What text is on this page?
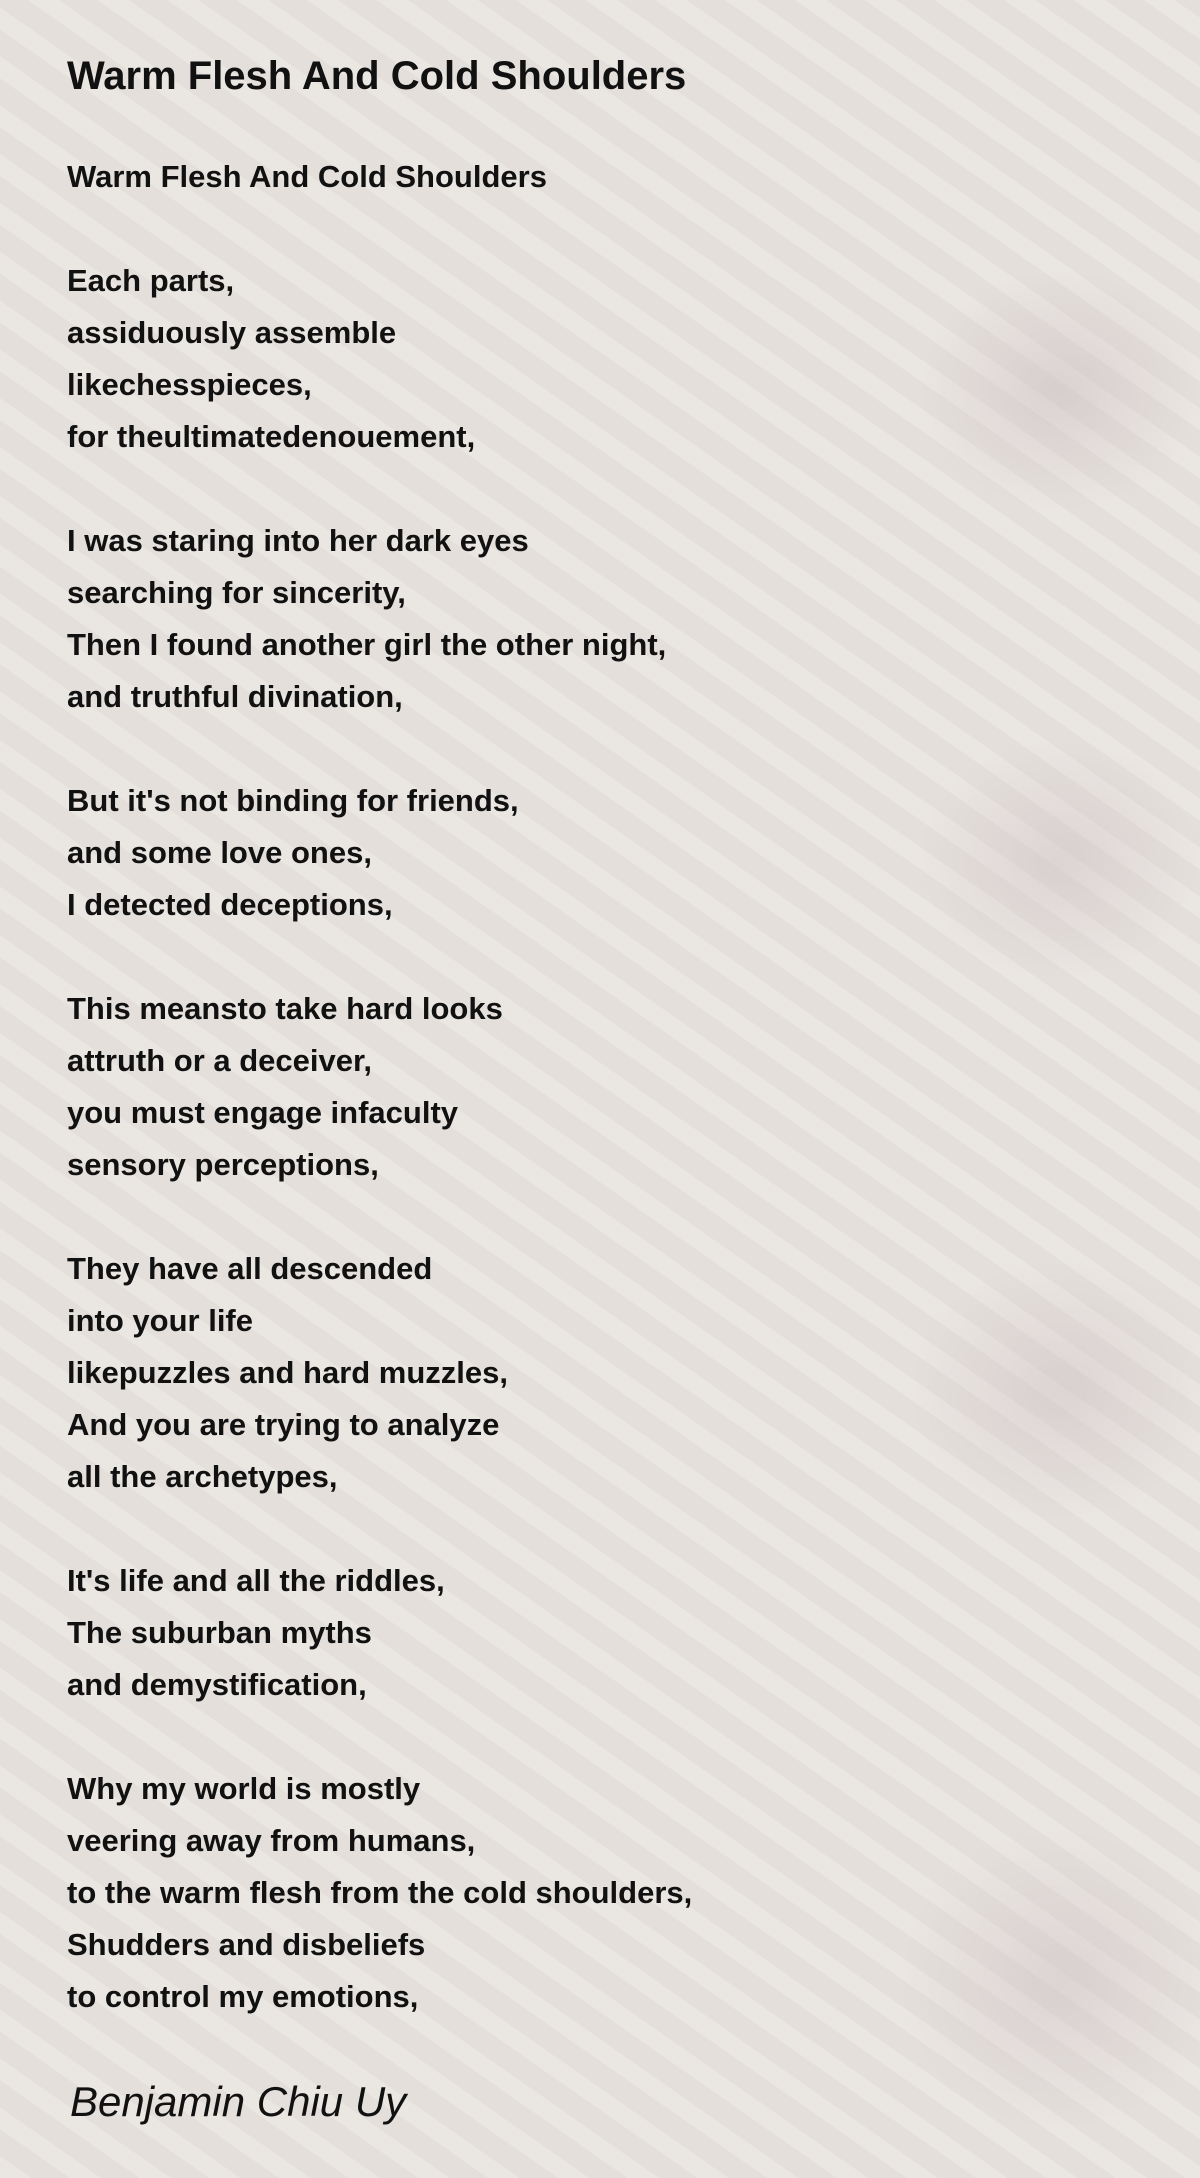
Warm Flesh And Cold Shoulders
Warm Flesh And Cold Shoulders
Each parts,
assiduously assemble
likechesspieces,
for theultimatedenouement,
I was staring into her dark eyes
searching for sincerity,
Then I found another girl the other night,
and truthful divination,
But it's not binding for friends,
and some love ones,
I detected deceptions,
This meansto take hard looks
attruth or a deceiver,
you must engage infaculty
sensory perceptions,
They have all descended
into your life
likepuzzles and hard muzzles,
And you are trying to analyze
all the archetypes,
It's life and all the riddles,
The suburban myths
and demystification,
Why my world is mostly
veering away from humans,
to the warm flesh from the cold shoulders,
Shudders and disbeliefs
to control my emotions,
Benjamin Chiu Uy
